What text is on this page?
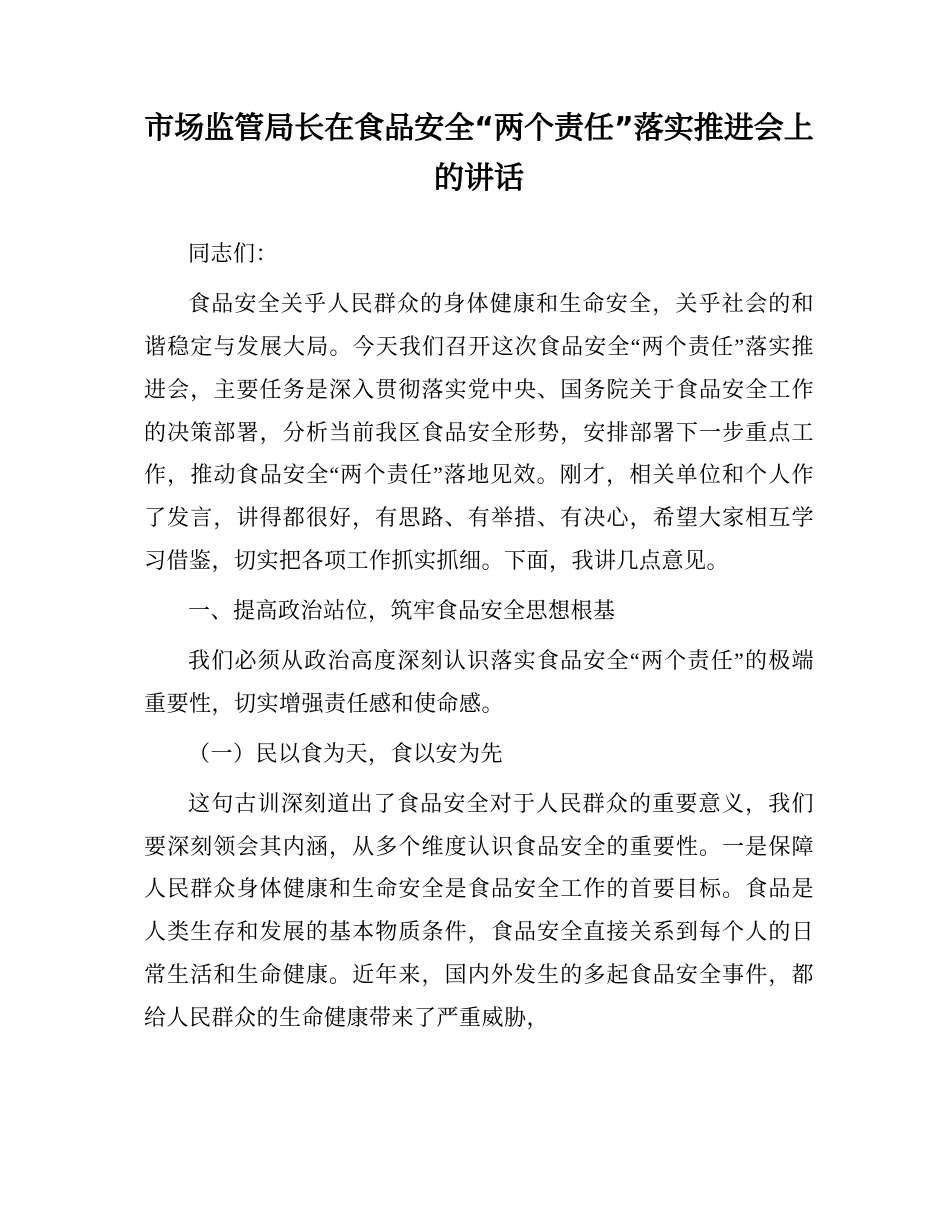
市场监管局长在食品安全“两个责任”落实推进会上的讲话

同志们：

食品安全关乎人民群众的身体健康和生命安全，关乎社会的和谐稳定与发展大局。今天我们召开这次食品安全“两个责任”落实推进会，主要任务是深入贯彻落实党中央、国务院关于食品安全工作的决策部署，分析当前我区食品安全形势，安排部署下一步重点工作，推动食品安全“两个责任”落地见效。刚才，相关单位和个人作了发言，讲得都很好，有思路、有举措、有决心，希望大家相互学习借鉴，切实把各项工作抓实抓细。下面，我讲几点意见。

一、提高政治站位，筑牢食品安全思想根基

我们必须从政治高度深刻认识落实食品安全“两个责任”的极端重要性，切实增强责任感和使命感。

（一）民以食为天，食以安为先

这句古训深刻道出了食品安全对于人民群众的重要意义，我们要深刻领会其内涵，从多个维度认识食品安全的重要性。一是保障人民群众身体健康和生命安全是食品安全工作的首要目标。食品是人类生存和发展的基本物质条件，食品安全直接关系到每个人的日常生活和生命健康。近年来，国内外发生的多起食品安全事件，都给人民群众的生命健康带来了严重威胁，
